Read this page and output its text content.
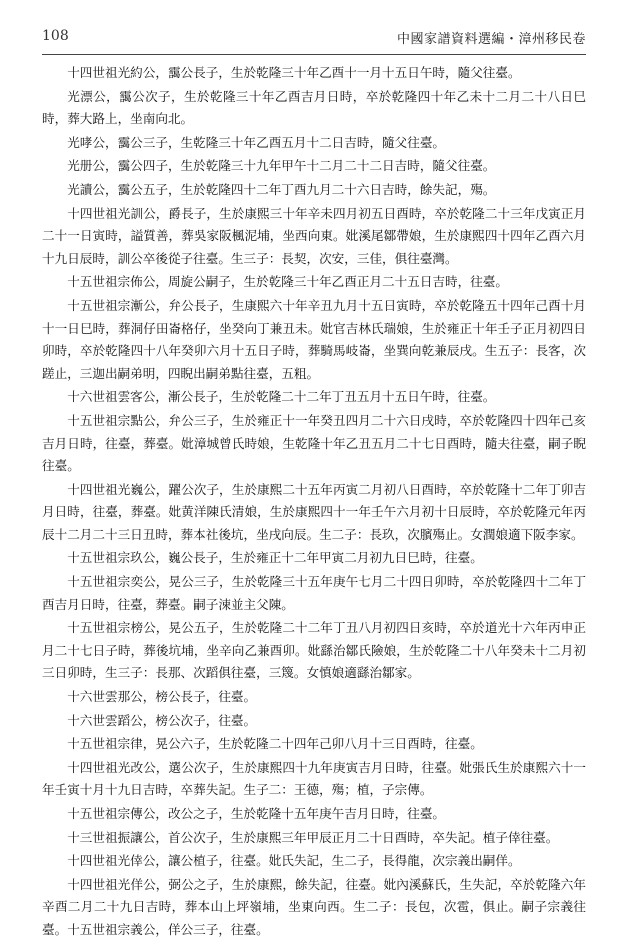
108	中國家譜資料選編・漳州移民卷

十四世祖光約公，靄公長子，生於乾隆三十年乙酉十一月十五日午時，隨父往臺。

光漂公，靄公次子，生於乾隆三十年乙酉吉月日時，卒於乾隆四十年乙未十二月二十八日巳時，葬大路上，坐南向北。

光哮公，靄公三子，生乾隆三十年乙酉五月十二日吉時，隨父往臺。

光册公，靄公四子，生於乾隆三十九年甲午十二月二十二日吉時，隨父往臺。

光讀公，靄公五子，生於乾隆四十二年丁酉九月二十六日吉時，餘失記，殤。

十四世祖光訓公，爵長子，生於康熙三十年辛未四月初五日酉時，卒於乾隆二十三年戊寅正月二十一日寅時，謚質善，葬吳家阪楓泥埔，坐西向東。妣溪尾鄒帶娘，生於康熙四十四年乙酉六月十九日辰時，訓公卒後從子往臺。生三子：長契，次安，三佳，俱往臺灣。

十五世祖宗佈公，周旋公嗣子，生於乾隆三十年乙酉正月二十五日吉時，往臺。

十五世祖宗漸公，弁公長子，生康熙六十年辛丑九月十五日寅時，卒於乾隆五十四年己酉十月十一日巳時，葬洞仔田崙格仔，坐癸向丁兼丑未。妣官吉林氏瑞娘，生於雍正十年壬子正月初四日卯時，卒於乾隆四十八年癸卯六月十五日子時，葬騎馬岐崙，坐巽向乾兼辰戌。生五子：長客，次蹉止，三迦出嗣弟明，四睨出嗣弟點往臺，五粗。

十六世祖雲客公，漸公長子，生於乾隆二十二年丁丑五月十五日午時，往臺。

十五世祖宗點公，弁公三子，生於雍正十一年癸丑四月二十六日戌時，卒於乾隆四十四年己亥吉月日時，往臺，葬臺。妣漳城曾氏時娘，生乾隆十年乙丑五月二十七日酉時，隨夫往臺，嗣子睨往臺。

十四世祖光巍公，躍公次子，生於康熙二十五年丙寅二月初八日酉時，卒於乾隆十二年丁卯吉月日時，往臺，葬臺。妣黄洋陳氏清娘，生於康熙四十一年壬午六月初十日辰時，卒於乾隆元年丙辰十二月二十三日丑時，葬本社後坑，坐戌向辰。生二子：長玖，次臏殤止。女潤娘適下阪李家。

十五世祖宗玖公，巍公長子，生於雍正十二年甲寅二月初九日巳時，往臺。

十五世祖宗奕公，晃公三子，生於乾隆三十五年庚午七月二十四日卯時，卒於乾隆四十二年丁酉吉月日時，往臺，葬臺。嗣子涑並主父陳。

十五世祖宗榜公，晃公五子，生於乾隆二十二年丁丑八月初四日亥時，卒於道光十六年丙申正月二十七日子時，葬後坑埔，坐辛向乙兼酉卯。妣繇治鄒氏險娘，生於乾隆二十八年癸未十二月初三日卯時，生三子：長那、次蹈俱往臺，三篾。女慎娘適繇治鄒家。

十六世雲那公，榜公長子，往臺。

十六世雲蹈公，榜公次子，往臺。

十五世祖宗律，晃公六子，生於乾隆二十四年己卯八月十三日酉時，往臺。

十四世祖光改公，選公次子，生於康熙四十九年庚寅吉月日時，往臺。妣張氏生於康熙六十一年壬寅十月十九日吉時，卒葬失記。生子二：王德，殤；植，子宗傳。

十五世祖宗傳公，改公之子，生於乾隆十五年庚午吉月日時，往臺。

十三世祖振讓公，首公次子，生於康熙三年甲辰正月二十日酉時，卒失記。植子倖往臺。

十四世祖光倖公，讓公植子，往臺。妣氏失記，生二子，長得龍，次宗義出嗣佯。

十四世祖光佯公，弼公之子，生於康熙，餘失記，往臺。妣內溪蘇氏，生失記，卒於乾隆六年辛酉二月二十九日吉時，葬本山上坪嶺埔，坐東向西。生二子：長包，次雹，俱止。嗣子宗義往臺。十五世祖宗義公，佯公三子，往臺。
